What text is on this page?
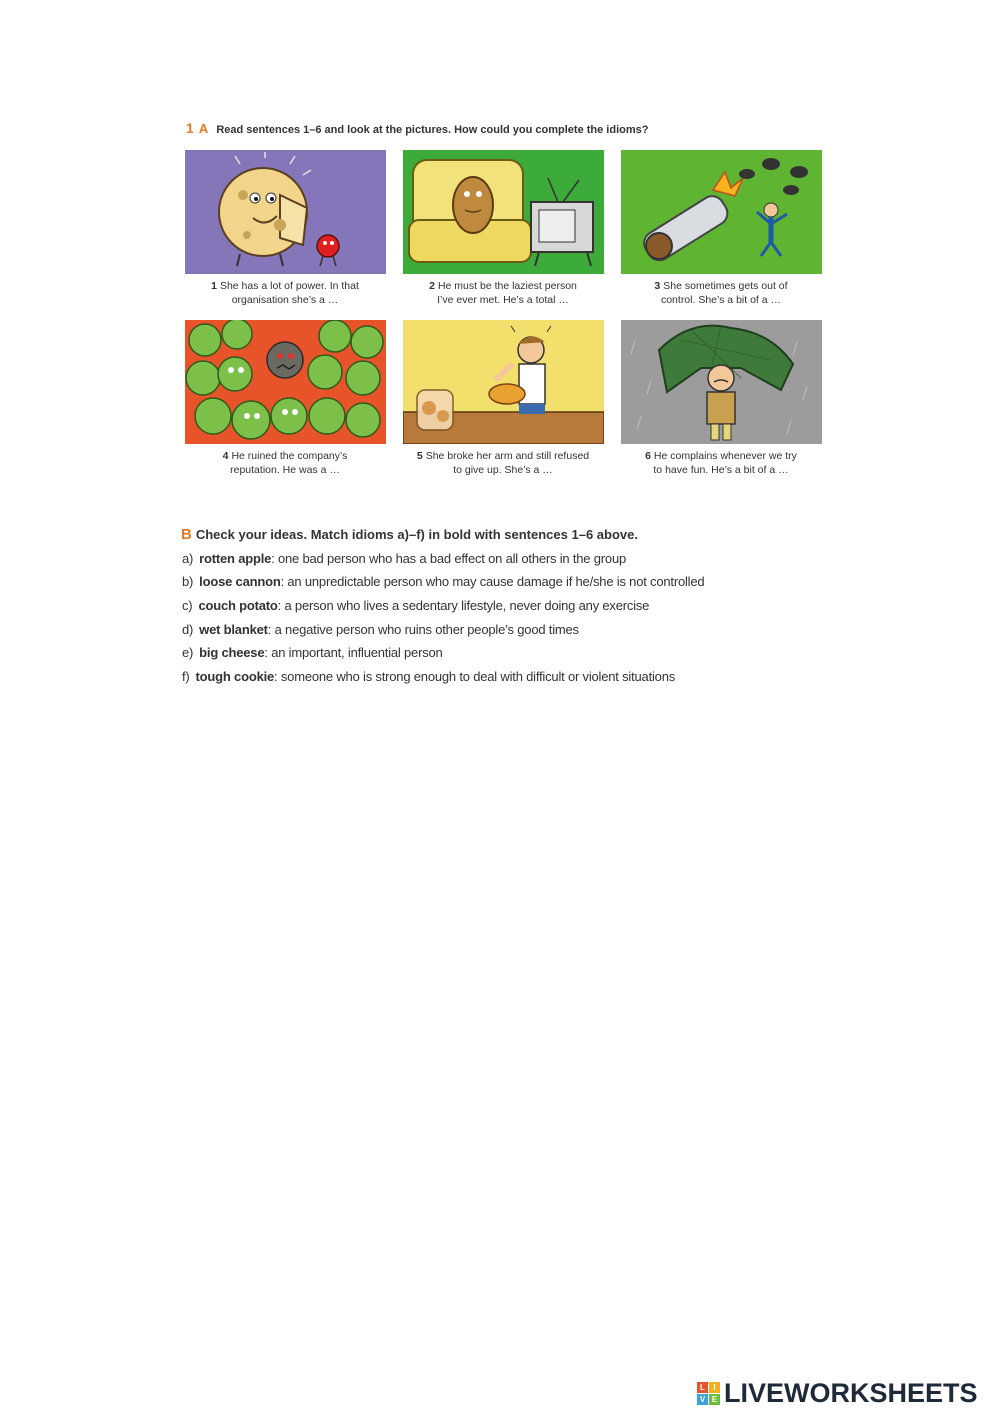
1 A Read sentences 1–6 and look at the pictures. How could you complete the idioms?
1 She has a lot of power. In that
organisation she’s a …
2 He must be the laziest person
I’ve ever met. He’s a total …
3 She sometimes gets out of
control. She’s a bit of a …
4 He ruined the company’s
reputation. He was a …
5 She broke her arm and still refused
to give up. She’s a …
6 He complains whenever we try
to have fun. He’s a bit of a …
B Check your ideas. Match idioms a)–f) in bold with sentences 1–6 above.
a) rotten apple: one bad person who has a bad effect on all others in the group
b) loose cannon: an unpredictable person who may cause damage if he/she is not controlled
c) couch potato: a person who lives a sedentary lifestyle, never doing any exercise
d) wet blanket: a negative person who ruins other people’s good times
e) big cheese: an important, influential person
f) tough cookie: someone who is strong enough to deal with difficult or violent situations
L	I
V E LIVEWORKSHEETS
